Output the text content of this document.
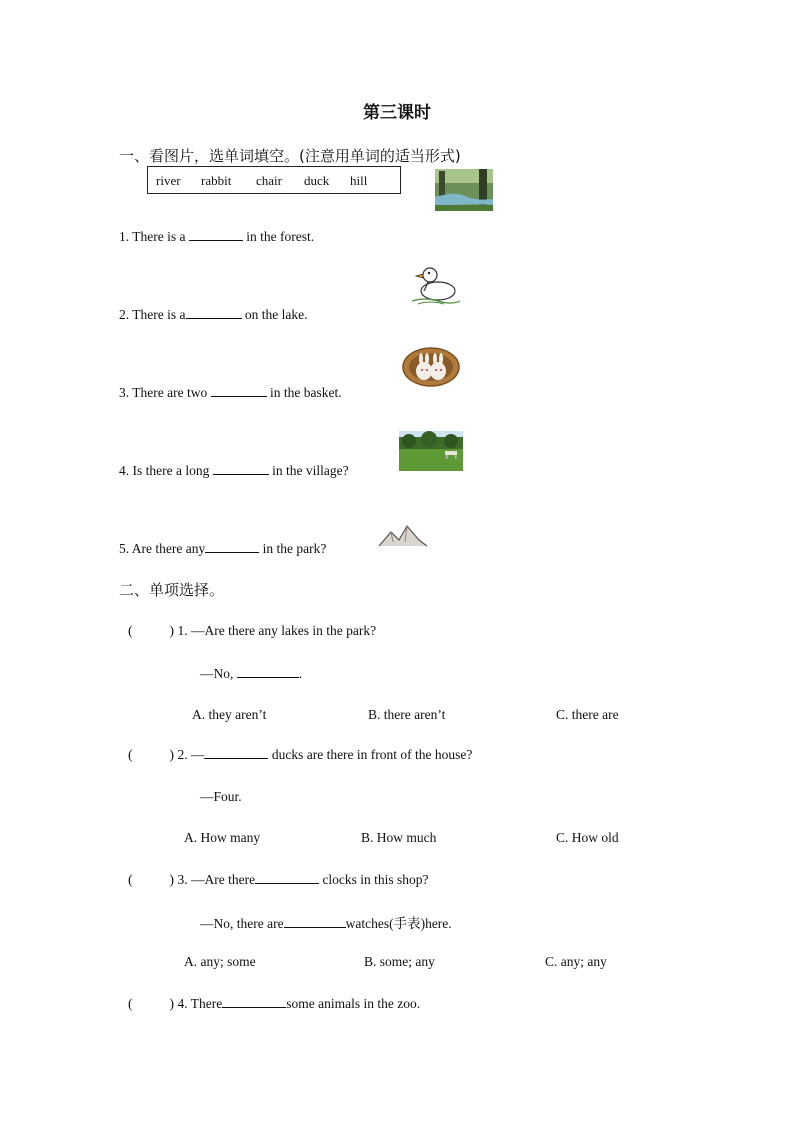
第三课时
一、看图片，选单词填空。(注意用单词的适当形式)
river rabbit chair duck hill
1. There is a	in the forest.
2. There is a	on the lake.
3. There are two	in the basket.
4. Is there a long	in the village?
5. Are there any	in the park?
二、单项选择。
(	) 1. —Are there any lakes in the park?
—No,	.
A. they aren’t	B. there aren’t	C. there are
(	) 2. —	ducks are there in front of the house?
—Four.
A. How many	B. How much	C. How old
(	) 3. —Are there	clocks in this shop?
—No, there are	watches(手表)here.
A. any; some	B. some; any	C. any; any
(	) 4. There	some animals in the zoo.
